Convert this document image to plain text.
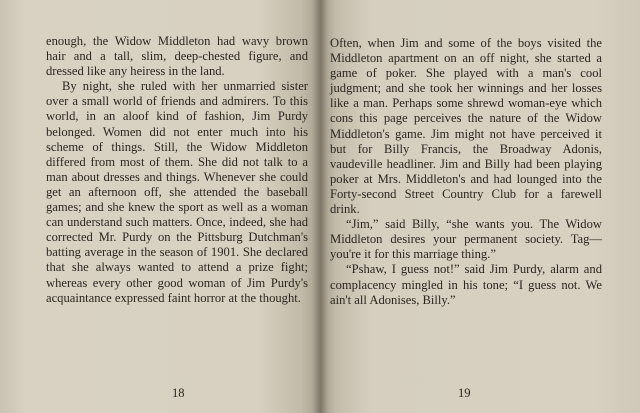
enough, the Widow Middleton had wavy brown hair and a tall, slim, deep-chested figure, and dressed like any heiress in the land.

By night, she ruled with her unmarried sister over a small world of friends and admirers. To this world, in an aloof kind of fashion, Jim Purdy belonged. Women did not enter much into his scheme of things. Still, the Widow Middleton differed from most of them. She did not talk to a man about dresses and things. Whenever she could get an afternoon off, she attended the baseball games; and she knew the sport as well as a woman can understand such matters. Once, indeed, she had corrected Mr. Purdy on the Pittsburg Dutchman's batting average in the season of 1901. She declared that she always wanted to attend a prize fight; whereas every other good woman of Jim Purdy's acquaintance expressed faint horror at the thought.

18

Often, when Jim and some of the boys visited the Middleton apartment on an off night, she started a game of poker. She played with a man's cool judgment; and she took her winnings and her losses like a man. Perhaps some shrewd woman-eye which cons this page perceives the nature of the Widow Middleton's game. Jim might not have perceived it but for Billy Francis, the Broadway Adonis, vaudeville headliner. Jim and Billy had been playing poker at Mrs. Middleton's and had lounged into the Forty-second Street Country Club for a farewell drink.

“Jim,” said Billy, “she wants you. The Widow Middleton desires your permanent society. Tag—you're it for this marriage thing.”

“Pshaw, I guess not!” said Jim Purdy, alarm and complacency mingled in his tone; “I guess not. We ain't all Adonises, Billy.”

19
